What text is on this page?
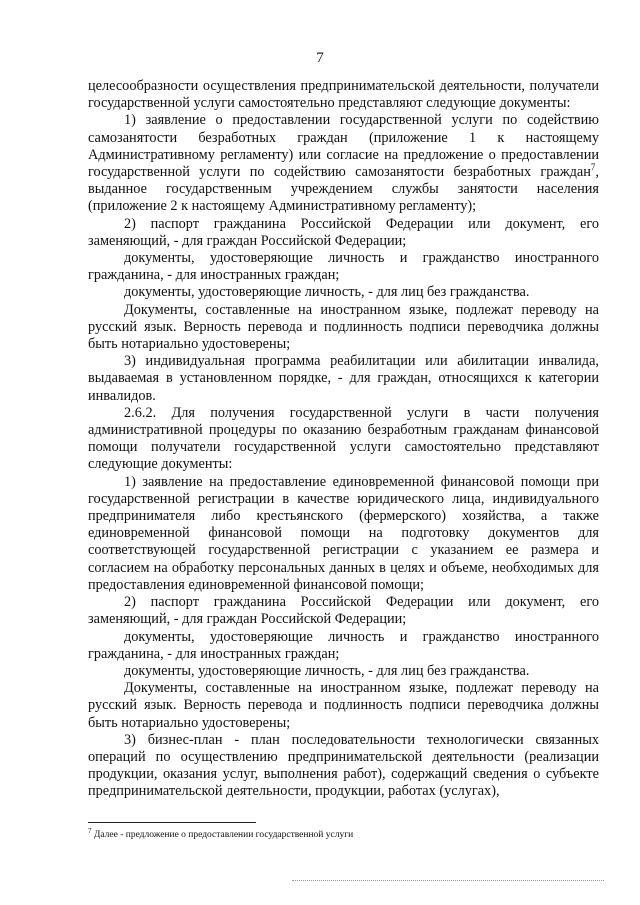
7

целесообразности осуществления предпринимательской деятельности, получатели государственной услуги самостоятельно представляют следующие документы:

1) заявление о предоставлении государственной услуги по содействию самозанятости безработных граждан (приложение 1 к настоящему Административному регламенту) или согласие на предложение о предоставлении государственной услуги по содействию самозанятости безработных граждан$^7$, выданное государственным учреждением службы занятости населения (приложение 2 к настоящему Административному регламенту);

2) паспорт гражданина Российской Федерации или документ, его заменяющий, - для граждан Российской Федерации;

документы, удостоверяющие личность и гражданство иностранного гражданина, - для иностранных граждан;

документы, удостоверяющие личность, - для лиц без гражданства.

Документы, составленные на иностранном языке, подлежат переводу на русский язык. Верность перевода и подлинность подписи переводчика должны быть нотариально удостоверены;

3) индивидуальная программа реабилитации или абилитации инвалида, выдаваемая в установленном порядке, - для граждан, относящихся к категории инвалидов.

2.6.2. Для получения государственной услуги в части получения административной процедуры по оказанию безработным гражданам финансовой помощи получатели государственной услуги самостоятельно представляют следующие документы:

1) заявление на предоставление единовременной финансовой помощи при государственной регистрации в качестве юридического лица, индивидуального предпринимателя либо крестьянского (фермерского) хозяйства, а также единовременной финансовой помощи на подготовку документов для соответствующей государственной регистрации с указанием ее размера и согласием на обработку персональных данных в целях и объеме, необходимых для предоставления единовременной финансовой помощи;

2) паспорт гражданина Российской Федерации или документ, его заменяющий, - для граждан Российской Федерации;

документы, удостоверяющие личность и гражданство иностранного гражданина, - для иностранных граждан;

документы, удостоверяющие личность, - для лиц без гражданства.

Документы, составленные на иностранном языке, подлежат переводу на русский язык. Верность перевода и подлинность подписи переводчика должны быть нотариально удостоверены;

3) бизнес-план - план последовательности технологически связанных операций по осуществлению предпринимательской деятельности (реализации продукции, оказания услуг, выполнения работ), содержащий сведения о субъекте предпринимательской деятельности, продукции, работах (услугах),

$^7$ Далее - предложение о предоставлении государственной услуги
